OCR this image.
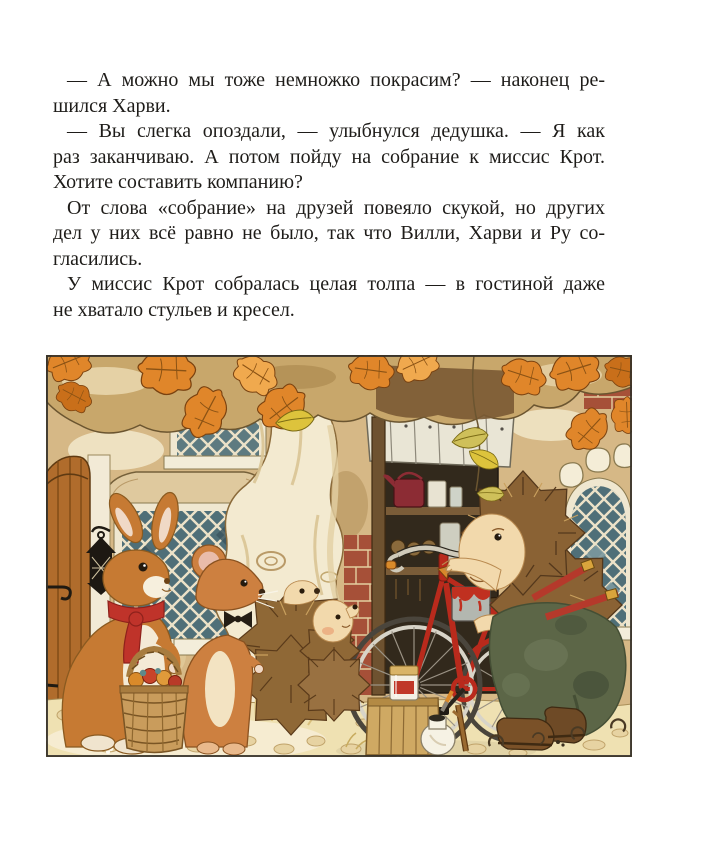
— А можно мы тоже немножко покрасим? — наконец ре-
шился Харви.

— Вы слегка опоздали, — улыбнулся дедушка. — Я как
раз заканчиваю. А потом пойду на собрание к миссис Крот.
Хотите составить компанию?

От слова «собрание» на друзей повеяло скукой, но других
дел у них всё равно не было, так что Вилли, Харви и Ру со-
гласились.

У миссис Крот собралась целая толпа — в гостиной даже
не хватало стульев и кресел.
